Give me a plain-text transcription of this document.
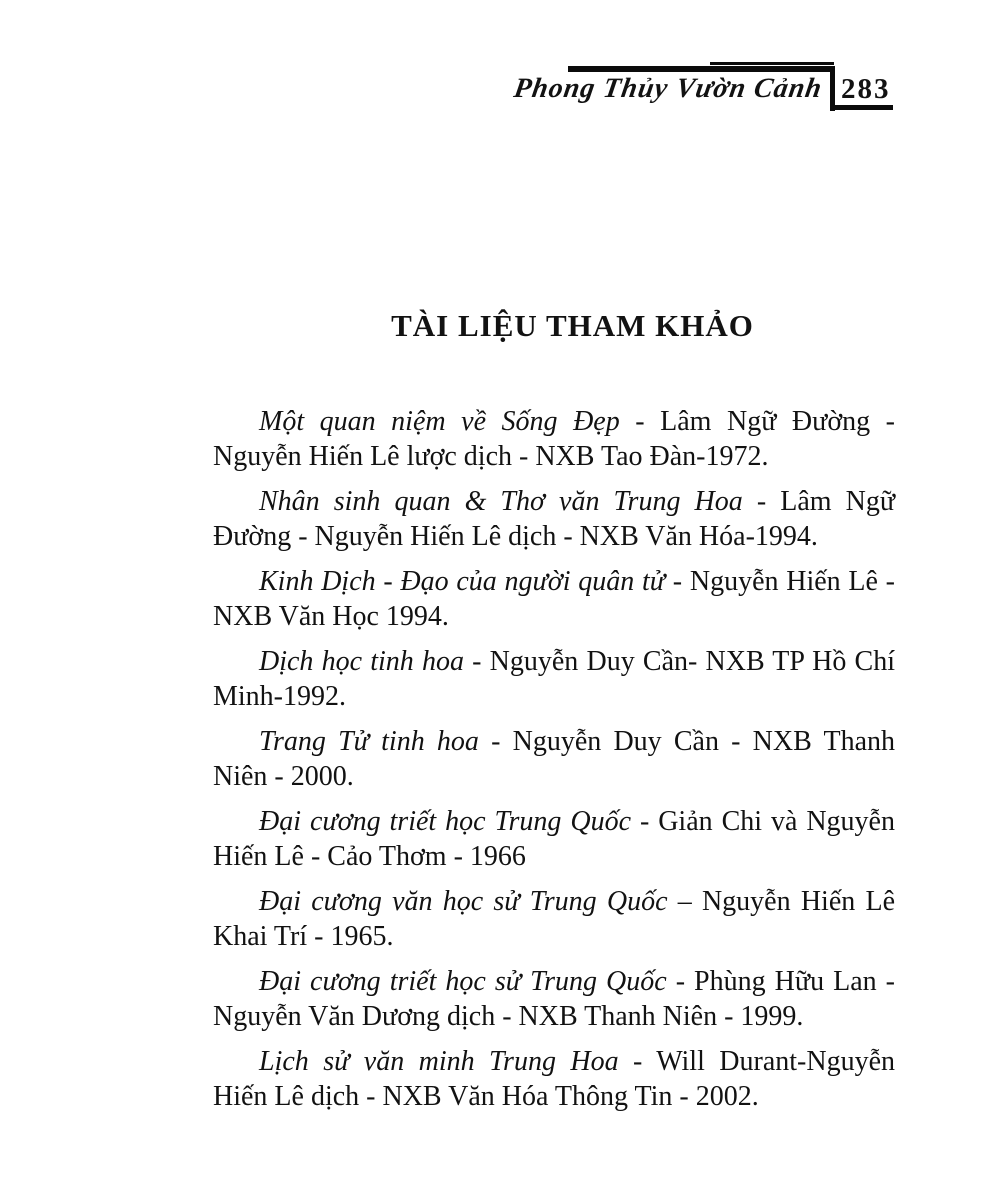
Phong Thủy Vườn Cảnh 283
TÀI LIỆU THAM KHẢO

Một quan niệm về Sống Đẹp - Lâm Ngữ Đường - Nguyễn Hiến Lê lược dịch - NXB Tao Đàn-1972.

Nhân sinh quan & Thơ văn Trung Hoa - Lâm Ngữ Đường - Nguyễn Hiến Lê dịch - NXB Văn Hóa-1994.

Kinh Dịch - Đạo của người quân tử - Nguyễn Hiến Lê - NXB Văn Học 1994.

Dịch học tinh hoa - Nguyễn Duy Cần- NXB TP Hồ Chí Minh-1992.

Trang Tử tinh hoa - Nguyễn Duy Cần - NXB Thanh Niên - 2000.

Đại cương triết học Trung Quốc - Giản Chi và Nguyễn Hiến Lê - Cảo Thơm - 1966

Đại cương văn học sử Trung Quốc – Nguyễn Hiến Lê Khai Trí - 1965.

Đại cương triết học sử Trung Quốc - Phùng Hữu Lan - Nguyễn Văn Dương dịch - NXB Thanh Niên - 1999.

Lịch sử văn minh Trung Hoa - Will Durant-Nguyễn Hiến Lê dịch - NXB Văn Hóa Thông Tin - 2002.
